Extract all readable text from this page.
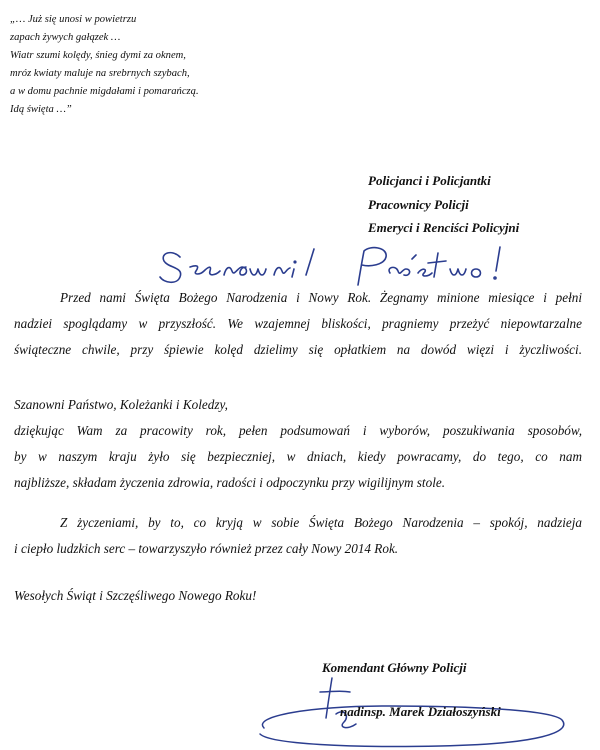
„… Już się unosi w powietrzu
zapach żywych gałązek …
Wiatr szumi kolędy, śnieg dymi za oknem,
mróz kwiaty maluje na srebrnych szybach,
a w domu pachnie migdałami i pomarańczą.
Idą święta …”
Policjanci i Policjantki
Pracownicy Policji
Emeryci i Renciści Policyjni
Przed nami Święta Bożego Narodzenia i Nowy Rok. Żegnamy minione miesiące i pełni
nadziei spoglądamy w przyszłość. We wzajemnej bliskości, pragniemy przeżyć niepowtarzalne
świąteczne chwile, przy śpiewie kolęd dzielimy się opłatkiem na dowód więzi i życzliwości.
Szanowni Państwo, Koleżanki i Koledzy,
dziękując Wam za pracowity rok, pełen podsumowań i wyborów, poszukiwania sposobów,
by w naszym kraju żyło się bezpieczniej, w dniach, kiedy powracamy, do tego, co nam
najbliższe, składam życzenia zdrowia, radości i odpoczynku przy wigilijnym stole.
Z życzeniami, by to, co kryją w sobie Święta Bożego Narodzenia – spokój, nadzieja
i ciepło ludzkich serc – towarzyszyło również przez cały Nowy 2014 Rok.
Wesołych Świąt i Szczęśliwego Nowego Roku!
Komendant Główny Policji
nadinsp. Marek Działoszyński
